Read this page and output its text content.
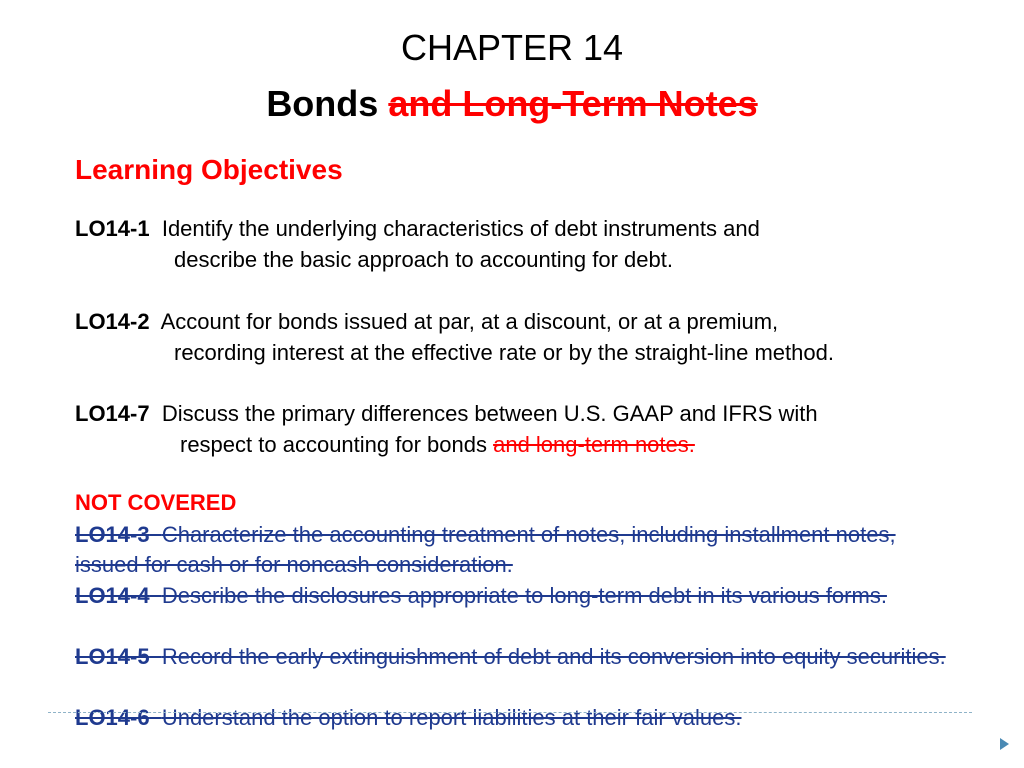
CHAPTER 14
Bonds and Long-Term Notes
Learning Objectives
LO14-1 Identify the underlying characteristics of debt instruments and
describe the basic approach to accounting for debt.
LO14-2 Account for bonds issued at par, at a discount, or at a premium,
recording interest at the effective rate or by the straight-line method.
LO14-7 Discuss the primary differences between U.S. GAAP and IFRS with
respect to accounting for bonds and long-term notes.
NOT COVERED
LO14-3 Characterize the accounting treatment of notes, including installment notes, issued for cash or for noncash consideration.
LO14-4 Describe the disclosures appropriate to long-term debt in its various forms.
LO14-5 Record the early extinguishment of debt and its conversion into equity securities.
LO14-6 Understand the option to report liabilities at their fair values.
